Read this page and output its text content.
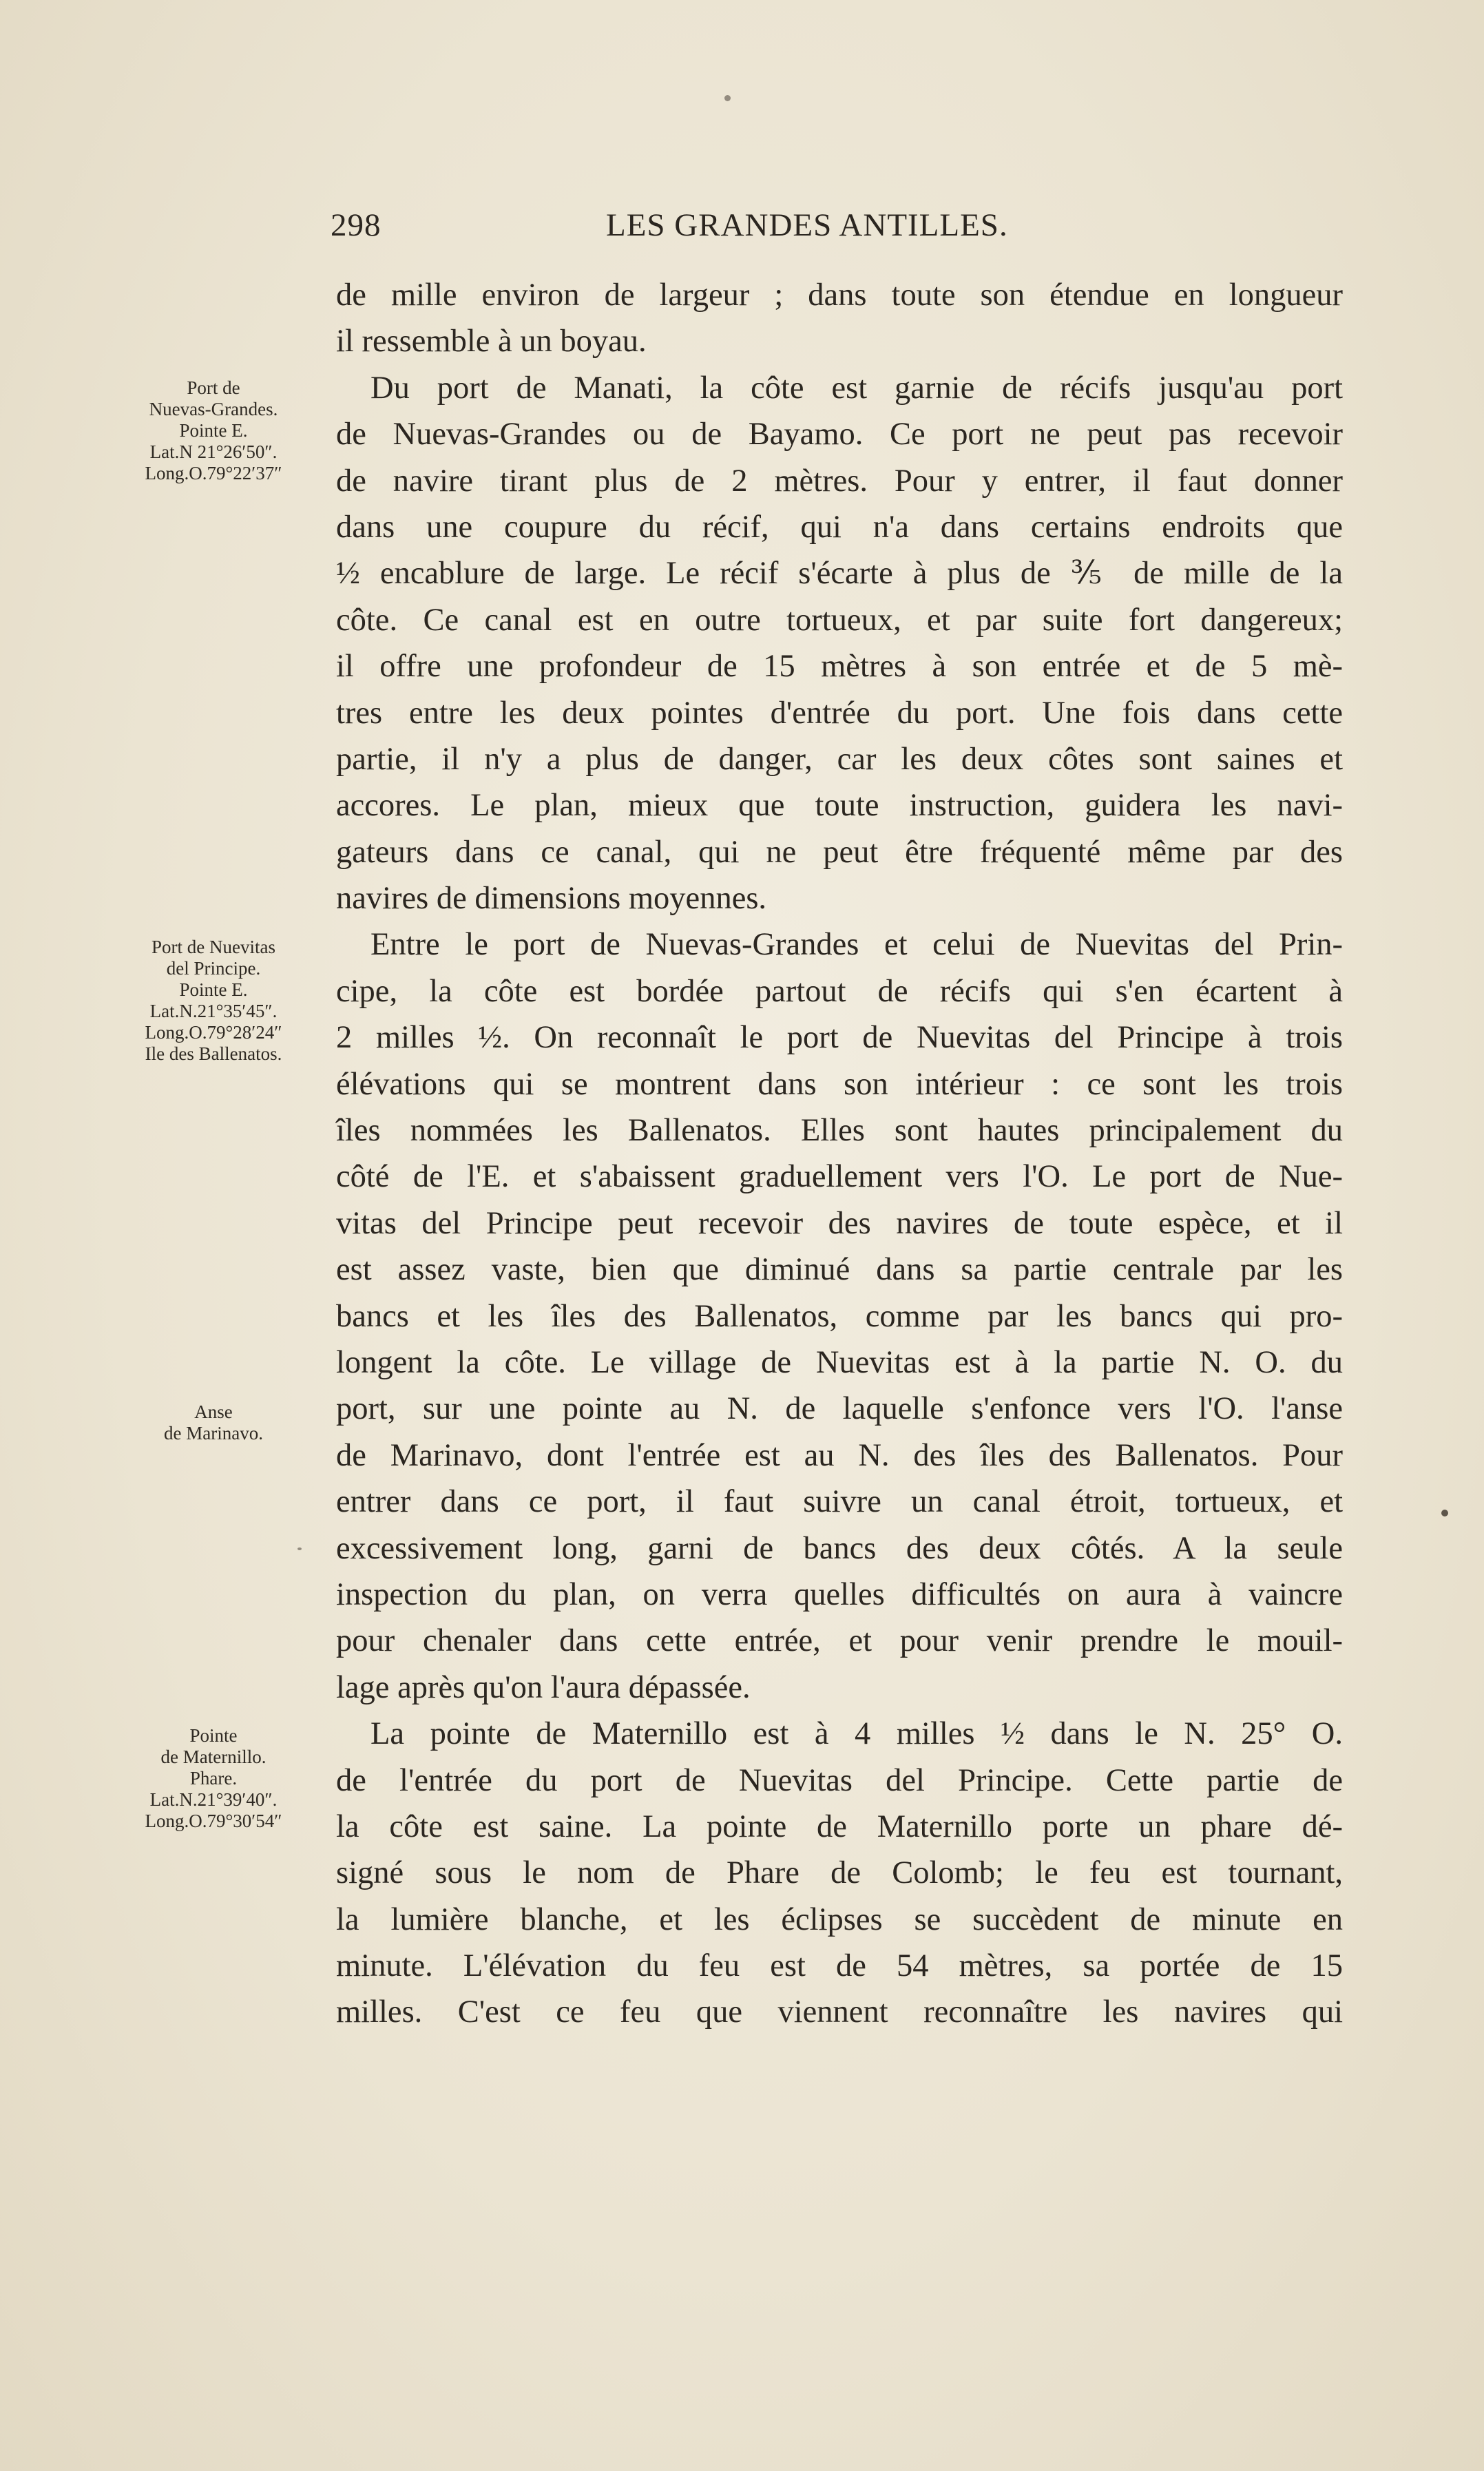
298	LES GRANDES ANTILLES.
Port de
Nuevas-Grandes.
Pointe E.
Lat.N 21°26′50″.
Long.O.79°22′37″
Port de Nuevitas
del Principe.
Pointe E.
Lat.N.21°35′45″.
Long.O.79°28′24″
Ile des Ballenatos.
Anse
de Marinavo.
Pointe
de Maternillo.
Phare.
Lat.N.21°39′40″.
Long.O.79°30′54″
de mille environ de largeur ; dans toute son étendue en longueur
il ressemble à un boyau.
Du port de Manati, la côte est garnie de récifs jusqu'au port
de Nuevas-Grandes ou de Bayamo. Ce port ne peut pas recevoir
de navire tirant plus de 2 mètres. Pour y entrer, il faut donner
dans une coupure du récif, qui n'a dans certains endroits que
½ encablure de large. Le récif s'écarte à plus de ⅗ de mille de la
côte. Ce canal est en outre tortueux, et par suite fort dangereux;
il offre une profondeur de 15 mètres à son entrée et de 5 mè-
tres entre les deux pointes d'entrée du port. Une fois dans cette
partie, il n'y a plus de danger, car les deux côtes sont saines et
accores. Le plan, mieux que toute instruction, guidera les navi-
gateurs dans ce canal, qui ne peut être fréquenté même par des
navires de dimensions moyennes.
Entre le port de Nuevas-Grandes et celui de Nuevitas del Prin-
cipe, la côte est bordée partout de récifs qui s'en écartent à
2 milles ½. On reconnaît le port de Nuevitas del Principe à trois
élévations qui se montrent dans son intérieur : ce sont les trois
îles nommées les Ballenatos. Elles sont hautes principalement du
côté de l'E. et s'abaissent graduellement vers l'O. Le port de Nue-
vitas del Principe peut recevoir des navires de toute espèce, et il
est assez vaste, bien que diminué dans sa partie centrale par les
bancs et les îles des Ballenatos, comme par les bancs qui pro-
longent la côte. Le village de Nuevitas est à la partie N. O. du
port, sur une pointe au N. de laquelle s'enfonce vers l'O. l'anse
de Marinavo, dont l'entrée est au N. des îles des Ballenatos. Pour
entrer dans ce port, il faut suivre un canal étroit, tortueux, et
excessivement long, garni de bancs des deux côtés. A la seule
inspection du plan, on verra quelles difficultés on aura à vaincre
pour chenaler dans cette entrée, et pour venir prendre le mouil-
lage après qu'on l'aura dépassée.
La pointe de Maternillo est à 4 milles ½ dans le N. 25° O.
de l'entrée du port de Nuevitas del Principe. Cette partie de
la côte est saine. La pointe de Maternillo porte un phare dé-
signé sous le nom de Phare de Colomb; le feu est tournant,
la lumière blanche, et les éclipses se succèdent de minute en
minute. L'élévation du feu est de 54 mètres, sa portée de 15
milles. C'est ce feu que viennent reconnaître les navires qui
